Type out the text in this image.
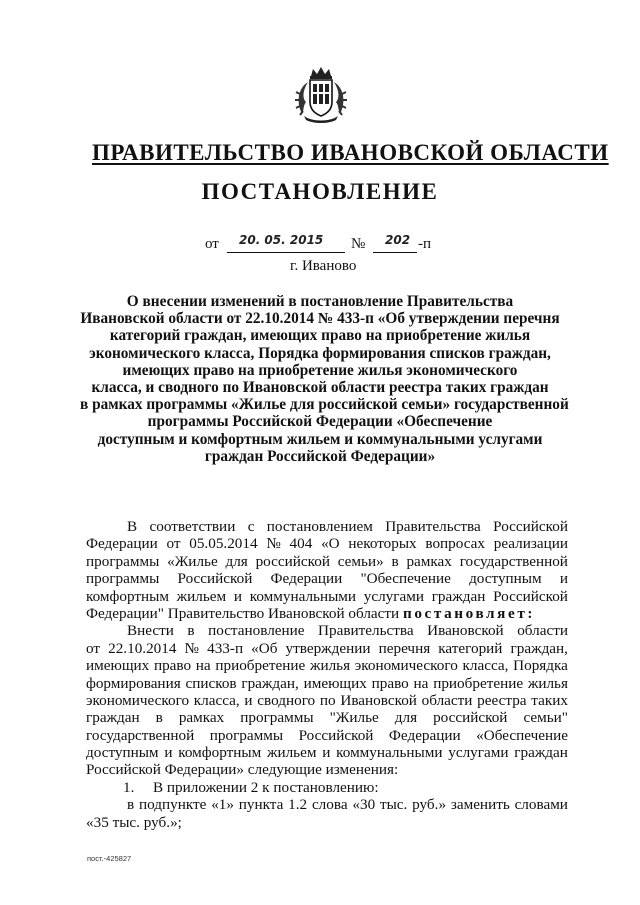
ПРАВИТЕЛЬСТВО ИВАНОВСКОЙ ОБЛАСТИ
ПОСТАНОВЛЕНИЕ
от 20. 05. 2015 № 202 -п
г. Иваново
О внесении изменений в постановление Правительства
Ивановской области от 22.10.2014 № 433-п «Об утверждении перечня
категорий граждан, имеющих право на приобретение жилья
экономического класса, Порядка формирования списков граждан,
имеющих право на приобретение жилья экономического
класса, и сводного по Ивановской области реестра таких граждан
в рамках программы «Жилье для российской семьи» государственной
программы Российской Федерации «Обеспечение
доступным и комфортным жильем и коммунальными услугами
граждан Российской Федерации»
В соответствии с постановлением Правительства Российской
Федерации от 05.05.2014 № 404 «О некоторых вопросах реализации
программы «Жилье для российской семьи» в рамках государственной
программы Российской Федерации "Обеспечение доступным и
комфортным жильем и коммунальными услугами граждан Российской
Федерации" Правительство Ивановской области
постановляет:
Внести в постановление Правительства Ивановской области
от 22.10.2014 № 433-п «Об утверждении перечня категорий граждан,
имеющих право на приобретение жилья экономического класса, Порядка
формирования списков граждан, имеющих право на приобретение жилья
экономического класса, и сводного по Ивановской области реестра таких
граждан в рамках программы "Жилье для российской семьи"
государственной программы Российской Федерации «Обеспечение
доступным и комфортным жильем и коммунальными услугами граждан
Российской Федерации» следующие изменения:
1.	В приложении 2 к постановлению:
в подпункте «1» пункта 1.2 слова «30 тыс. руб.» заменить словами
«35 тыс. руб.»;
пост.-425827
